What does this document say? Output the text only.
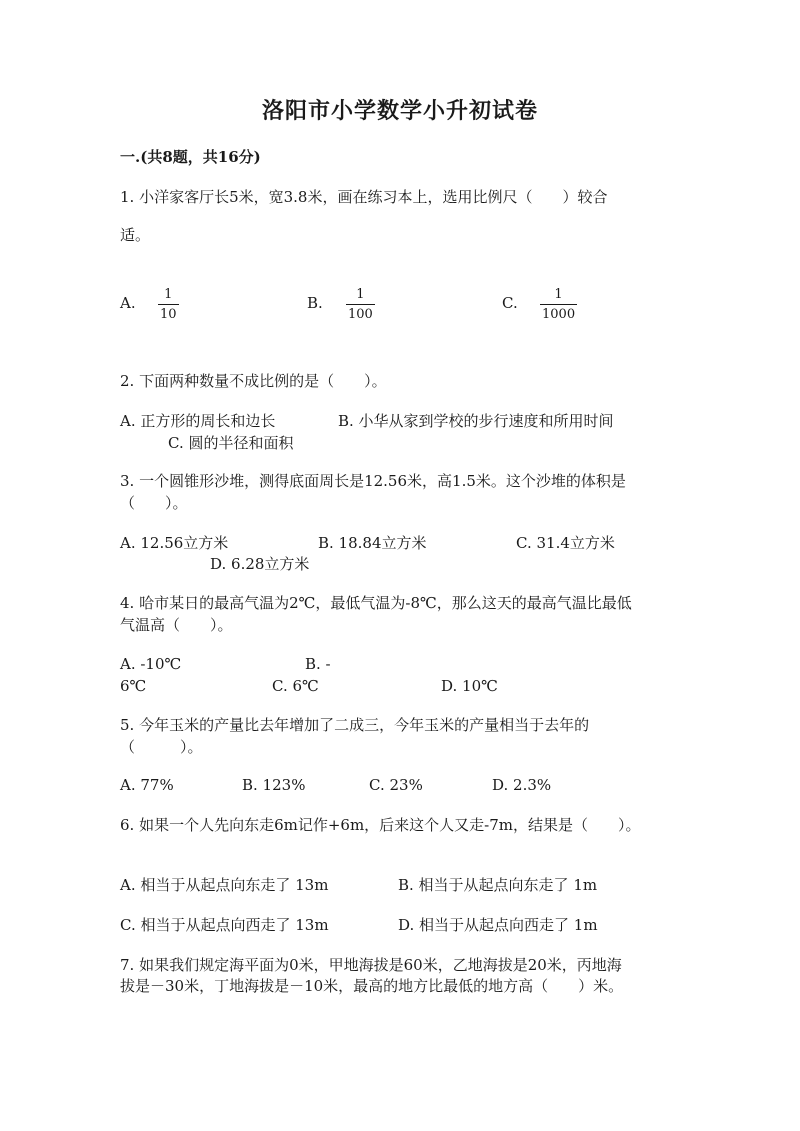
洛阳市小学数学小升初试卷
一.(共8题，共16分)
1. 小洋家客厅长5米，宽3.8米，画在练习本上，选用比例尺（　　）较合
适。
A. $\frac{1}{10}$	B. $\frac{1}{100}$	C. $\frac{1}{1000}$
2. 下面两种数量不成比例的是（　　）。
A. 正方形的周长和边长	B. 小华从家到学校的步行速度和所用时间
C. 圆的半径和面积
3. 一个圆锥形沙堆，测得底面周长是12.56米，高1.5米。这个沙堆的体积是
（　　）。
A. 12.56立方米	B. 18.84立方米	C. 31.4立方米
D. 6.28立方米
4. 哈市某日的最高气温为2℃，最低气温为-8℃，那么这天的最高气温比最低
气温高（　　）。
A. -10℃	B. -
6℃	C. 6℃	D. 10℃
5. 今年玉米的产量比去年增加了二成三，今年玉米的产量相当于去年的
（　　　）。
A. 77%	B. 123%	C. 23%	D. 2.3%
6. 如果一个人先向东走6m记作+6m，后来这个人又走-7m，结果是（　　）。
A. 相当于从起点向东走了 13m	B. 相当于从起点向东走了 1m
C. 相当于从起点向西走了 13m	D. 相当于从起点向西走了 1m
7. 如果我们规定海平面为0米，甲地海拔是60米，乙地海拔是20米，丙地海
拔是－30米，丁地海拔是－10米，最高的地方比最低的地方高（　　）米。
